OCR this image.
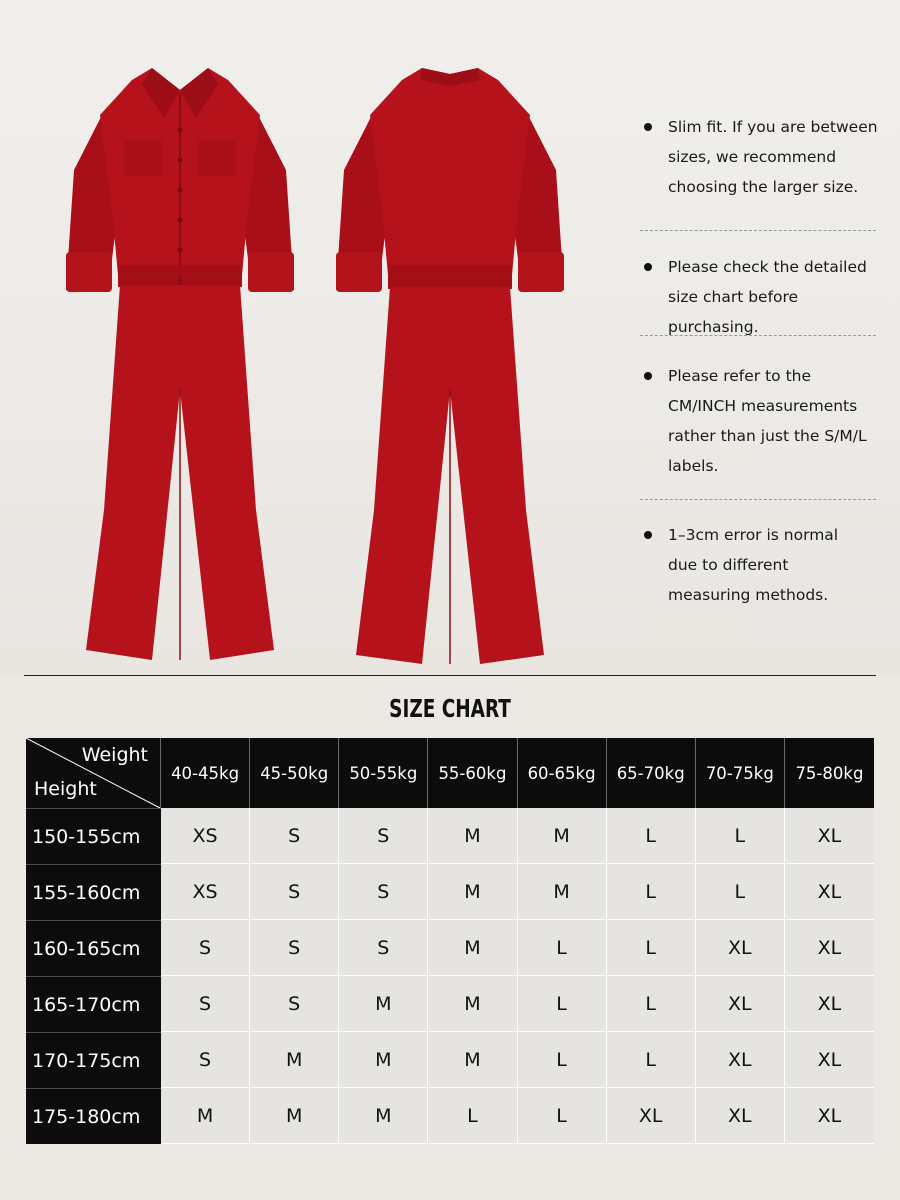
Slim fit. If you are between
sizes, we recommend
choosing the larger size.
Please check the detailed
size chart before purchasing.
Please refer to the
CM/INCH measurements
rather than just the S/M/L
labels.
1–3cm error is normal
due to different
measuring methods.
SIZE CHART
Weight
Height	40-45kg	45-50kg	50-55kg	55-60kg	60-65kg	65-70kg	70-75kg	75-80kg
150-155cm	XS	S	S	M	M	L	L	XL
155-160cm	XS	S	S	M	M	L	L	XL
160-165cm	S	S	S	M	L	L	XL	XL
165-170cm	S	S	M	M	L	L	XL	XL
170-175cm	S	M	M	M	L	L	XL	XL
175-180cm	M	M	M	L	L	XL	XL	XL
